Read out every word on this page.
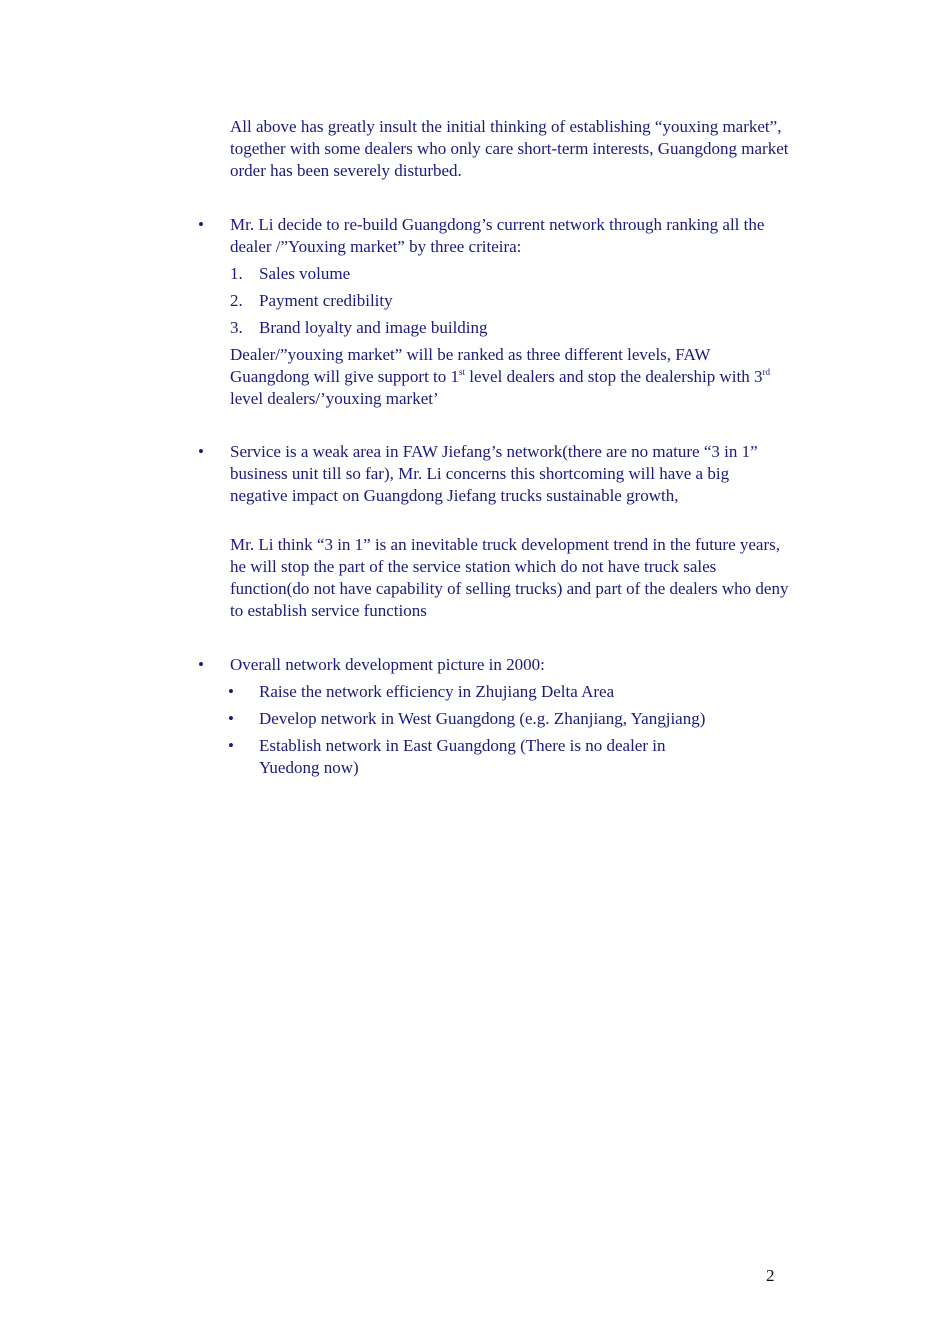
All above has greatly insult the initial thinking of establishing “youxing market”, together with some dealers who only care short-term interests, Guangdong market order has been severely disturbed.
•	Mr. Li decide to re-build Guangdong’s current network through ranking all the dealer /”Youxing market” by three criteira:
1. Sales volume
2. Payment credibility
3. Brand loyalty and image building
Dealer/”youxing market” will be ranked as three different levels, FAW Guangdong will give support to 1st level dealers and stop the dealership with 3rd level dealers/’youxing market’
•	Service is a weak area in FAW Jiefang’s network(there are no mature “3 in 1” business unit till so far), Mr. Li concerns this shortcoming will have a big negative impact on Guangdong Jiefang trucks sustainable growth,
Mr. Li think “3 in 1” is an inevitable truck development trend in the future years, he will stop the part of the service station which do not have truck sales function(do not have capability of selling trucks) and part of the dealers who deny to establish service functions
•	Overall network development picture in 2000:
•	Raise the network efficiency in Zhujiang Delta Area
•	Develop network in West Guangdong (e.g. Zhanjiang, Yangjiang)
•	Establish network in East Guangdong (There is no dealer in Yuedong now)
2
